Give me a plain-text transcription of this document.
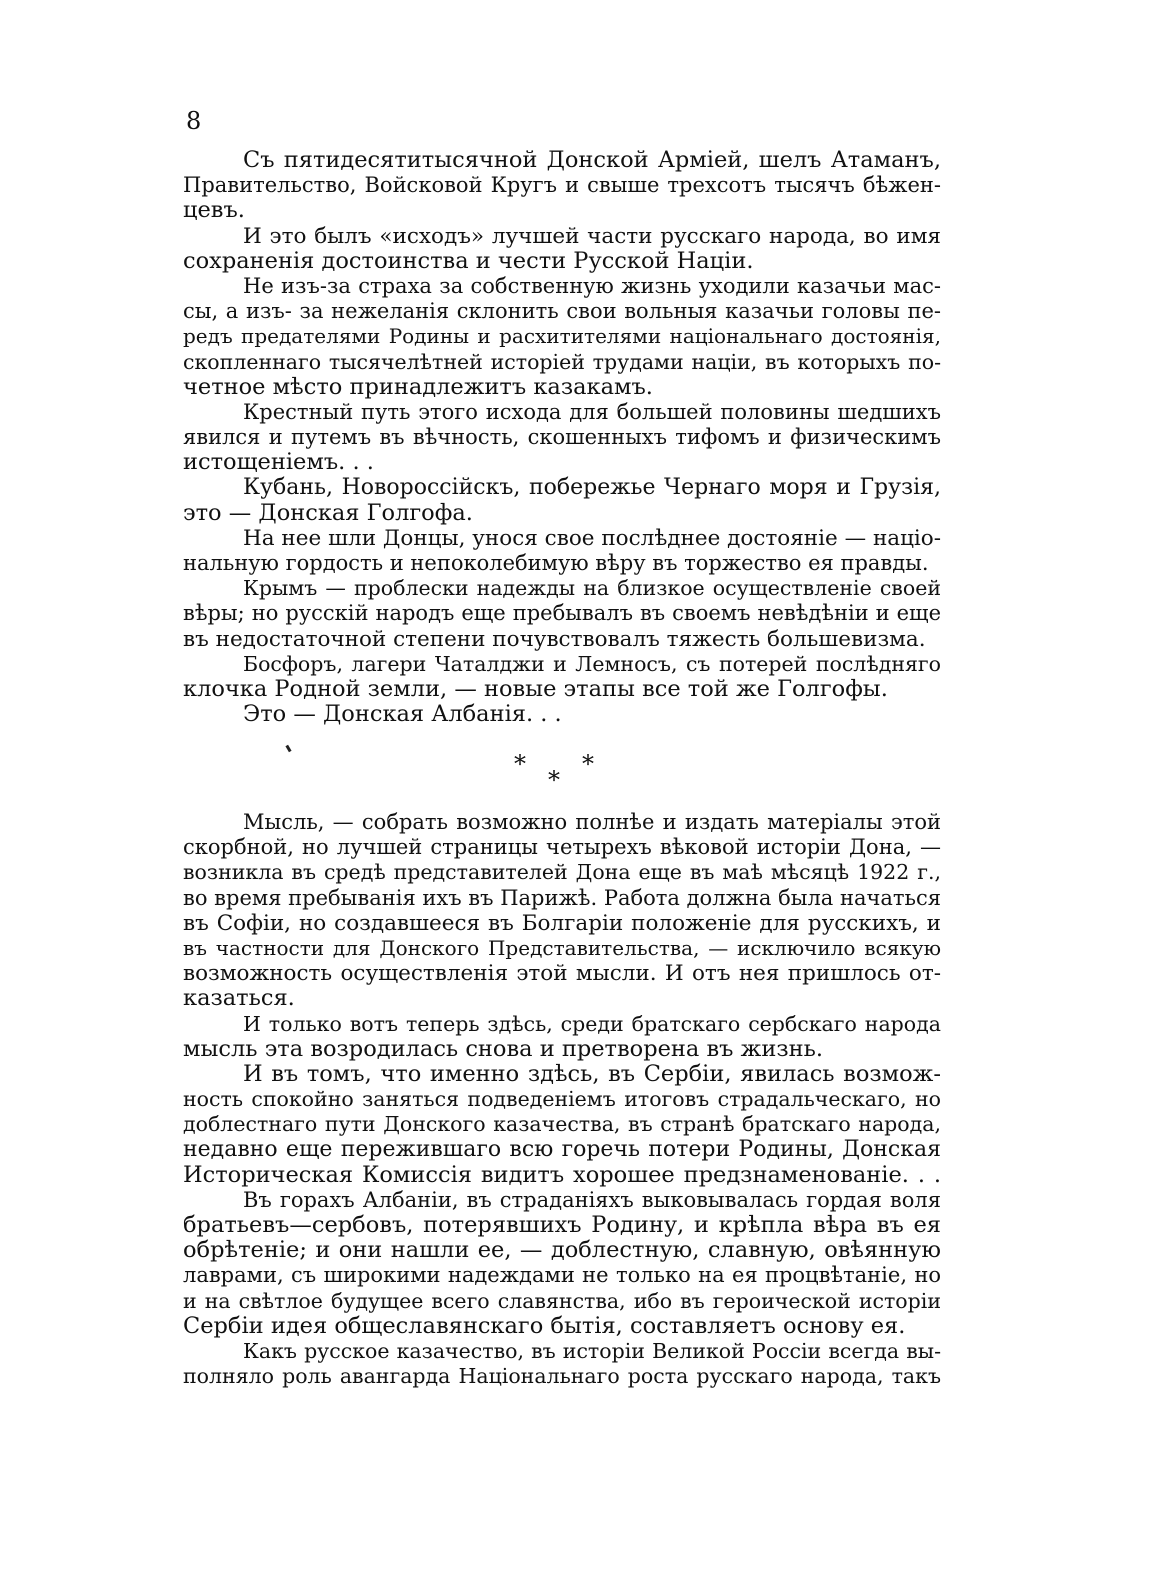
8
Съ пятидесятитысячной Донской Арміей, шелъ Атаманъ,
Правительство, Войсковой Кругъ и свыше трехсотъ тысячъ бѣжен-
цевъ.
И это былъ «исходъ» лучшей части русскаго народа, во имя
сохраненія достоинства и чести Русской Націи.
Не изъ-за страха за собственную жизнь уходили казачьи мас-
сы, а изъ- за нежеланія склонить свои вольныя казачьи головы пе-
редъ предателями Родины и расхитителями національнаго достоянія,
скопленнаго тысячелѣтней исторіей трудами націи, въ которыхъ по-
четное мѣсто принадлежитъ казакамъ.
Крестный путь этого исхода для большей половины шедшихъ
явился и путемъ въ вѣчность, скошенныхъ тифомъ и физическимъ
истощеніемъ. . .
Кубань, Новороссійскъ, побережье Чернаго моря и Грузія,
это — Донская Голгофа.
На нее шли Донцы, унося свое послѣднее достояніе — націо-
нальную гордость и непоколебимую вѣру въ торжество ея правды.
Крымъ — проблески надежды на близкое осуществленіе своей
вѣры; но русскій народъ еще пребывалъ въ своемъ невѣдѣніи и еще
въ недостаточной степени почувствовалъ тяжесть большевизма.
Босфоръ, лагери Чаталджи и Лемносъ, съ потерей послѣдняго
клочка Родной земли, — новые этапы все той же Голгофы.
Это — Донская Албанія. . .
* *
*
Мысль, — собрать возможно полнѣе и издать матеріалы этой
скорбной, но лучшей страницы четырехъ вѣковой исторіи Дона, —
возникла въ средѣ представителей Дона еще въ маѣ мѣсяцѣ 1922 г.,
во время пребыванія ихъ въ Парижѣ. Работа должна была начаться
въ Софіи, но создавшееся въ Болгаріи положеніе для русскихъ, и
въ частности для Донского Представительства, — исключило всякую
возможность осуществленія этой мысли. И отъ нея пришлось от-
казаться.
И только вотъ теперь здѣсь, среди братскаго сербскаго народа
мысль эта возродилась снова и претворена въ жизнь.
И въ томъ, что именно здѣсь, въ Сербіи, явилась возмож-
ность спокойно заняться подведеніемъ итоговъ страдальческаго, но
доблестнаго пути Донского казачества, въ странѣ братскаго народа,
недавно еще пережившаго всю горечь потери Родины, Донская
Историческая Комиссія видитъ хорошее предзнаменованіе. . .
Въ горахъ Албаніи, въ страданіяхъ выковывалась гордая воля
братьевъ—сербовъ, потерявшихъ Родину, и крѣпла вѣра въ ея
обрѣтеніе; и они нашли ее, — доблестную, славную, овѣянную
лаврами, съ широкими надеждами не только на ея процвѣтаніе, но
и на свѣтлое будущее всего славянства, ибо въ героической исторіи
Сербіи идея общеславянскаго бытія, составляетъ основу ея.
Какъ русское казачество, въ исторіи Великой Россіи всегда вы-
полняло роль авангарда Національнаго роста русскаго народа, такъ
